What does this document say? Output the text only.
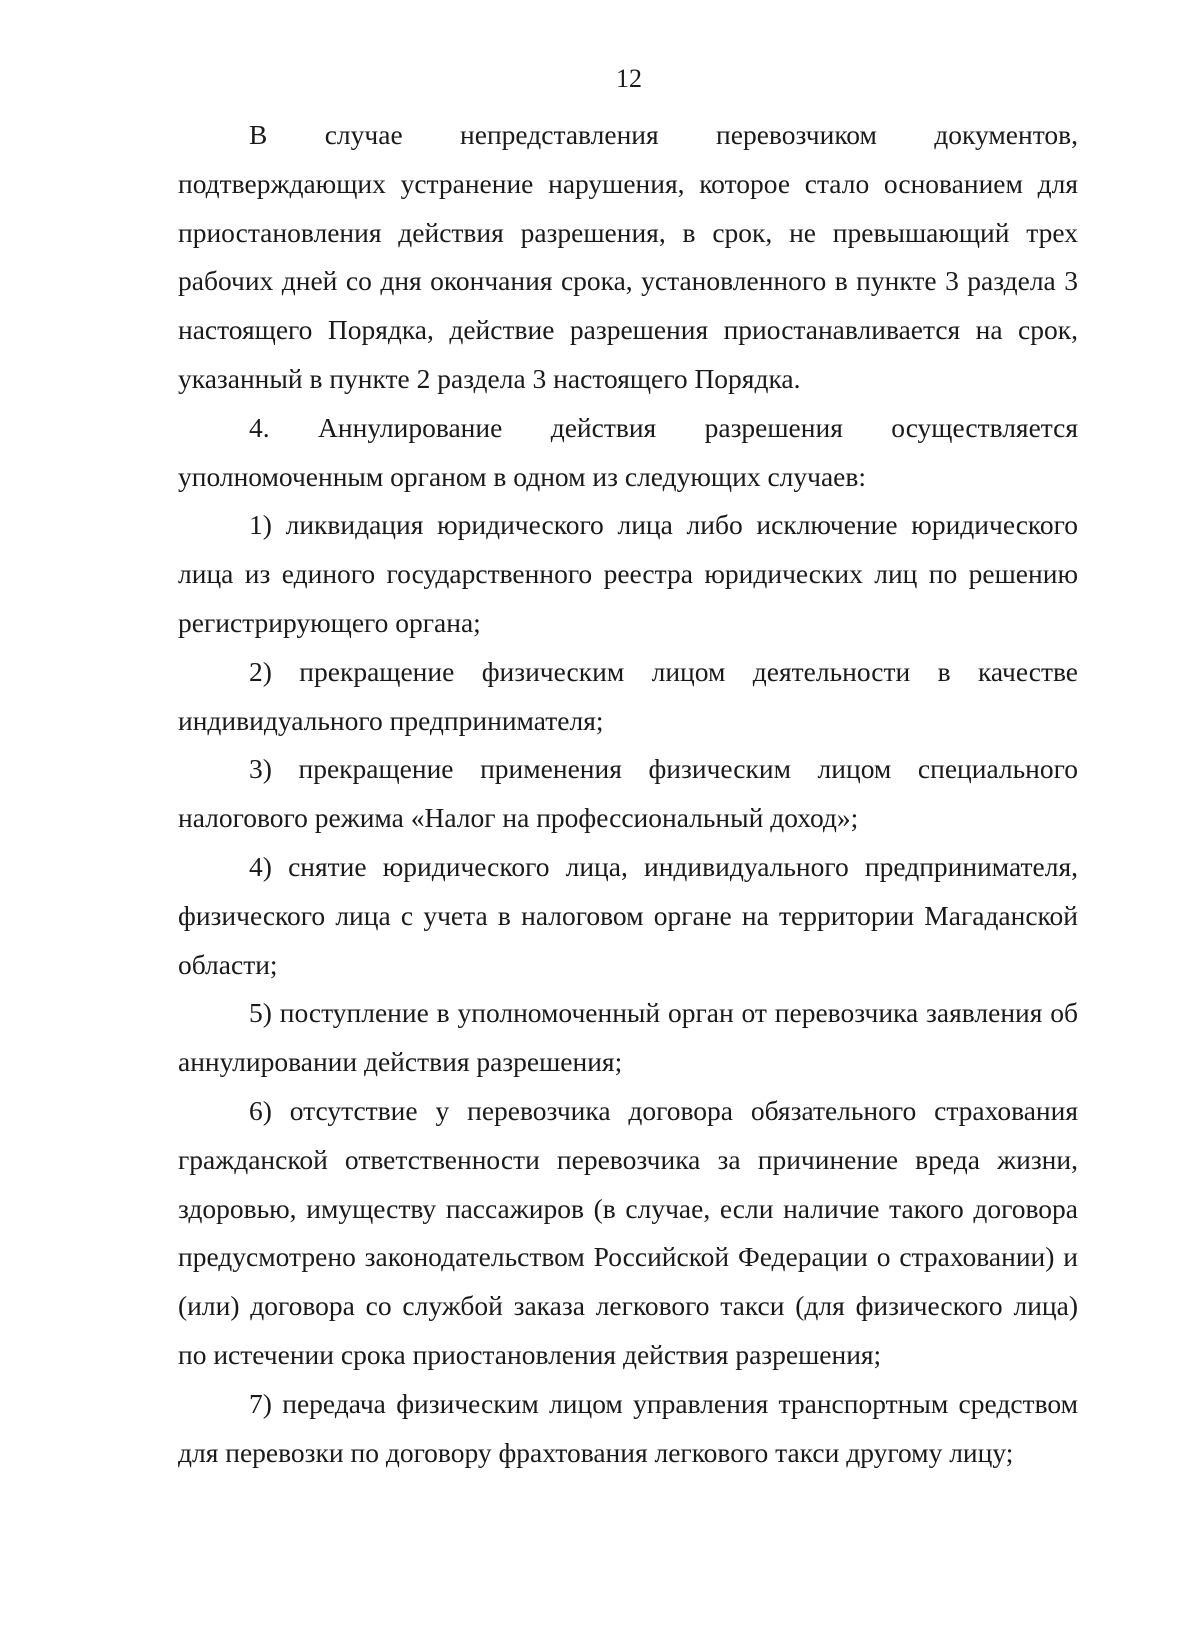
12

В случае непредставления перевозчиком документов, подтверждающих устранение нарушения, которое стало основанием для приостановления действия разрешения, в срок, не превышающий трех рабочих дней со дня окончания срока, установленного в пункте 3 раздела 3 настоящего Порядка, действие разрешения приостанавливается на срок, указанный в пункте 2 раздела 3 настоящего Порядка.

4. Аннулирование действия разрешения осуществляется уполномоченным органом в одном из следующих случаев:

1) ликвидация юридического лица либо исключение юридического лица из единого государственного реестра юридических лиц по решению регистрирующего органа;

2) прекращение физическим лицом деятельности в качестве индивидуального предпринимателя;

3) прекращение применения физическим лицом специального налогового режима «Налог на профессиональный доход»;

4) снятие юридического лица, индивидуального предпринимателя, физического лица с учета в налоговом органе на территории Магаданской области;

5) поступление в уполномоченный орган от перевозчика заявления об аннулировании действия разрешения;

6) отсутствие у перевозчика договора обязательного страхования гражданской ответственности перевозчика за причинение вреда жизни, здоровью, имуществу пассажиров (в случае, если наличие такого договора предусмотрено законодательством Российской Федерации о страховании) и (или) договора со службой заказа легкового такси (для физического лица) по истечении срока приостановления действия разрешения;

7) передача физическим лицом управления транспортным средством для перевозки по договору фрахтования легкового такси другому лицу;
